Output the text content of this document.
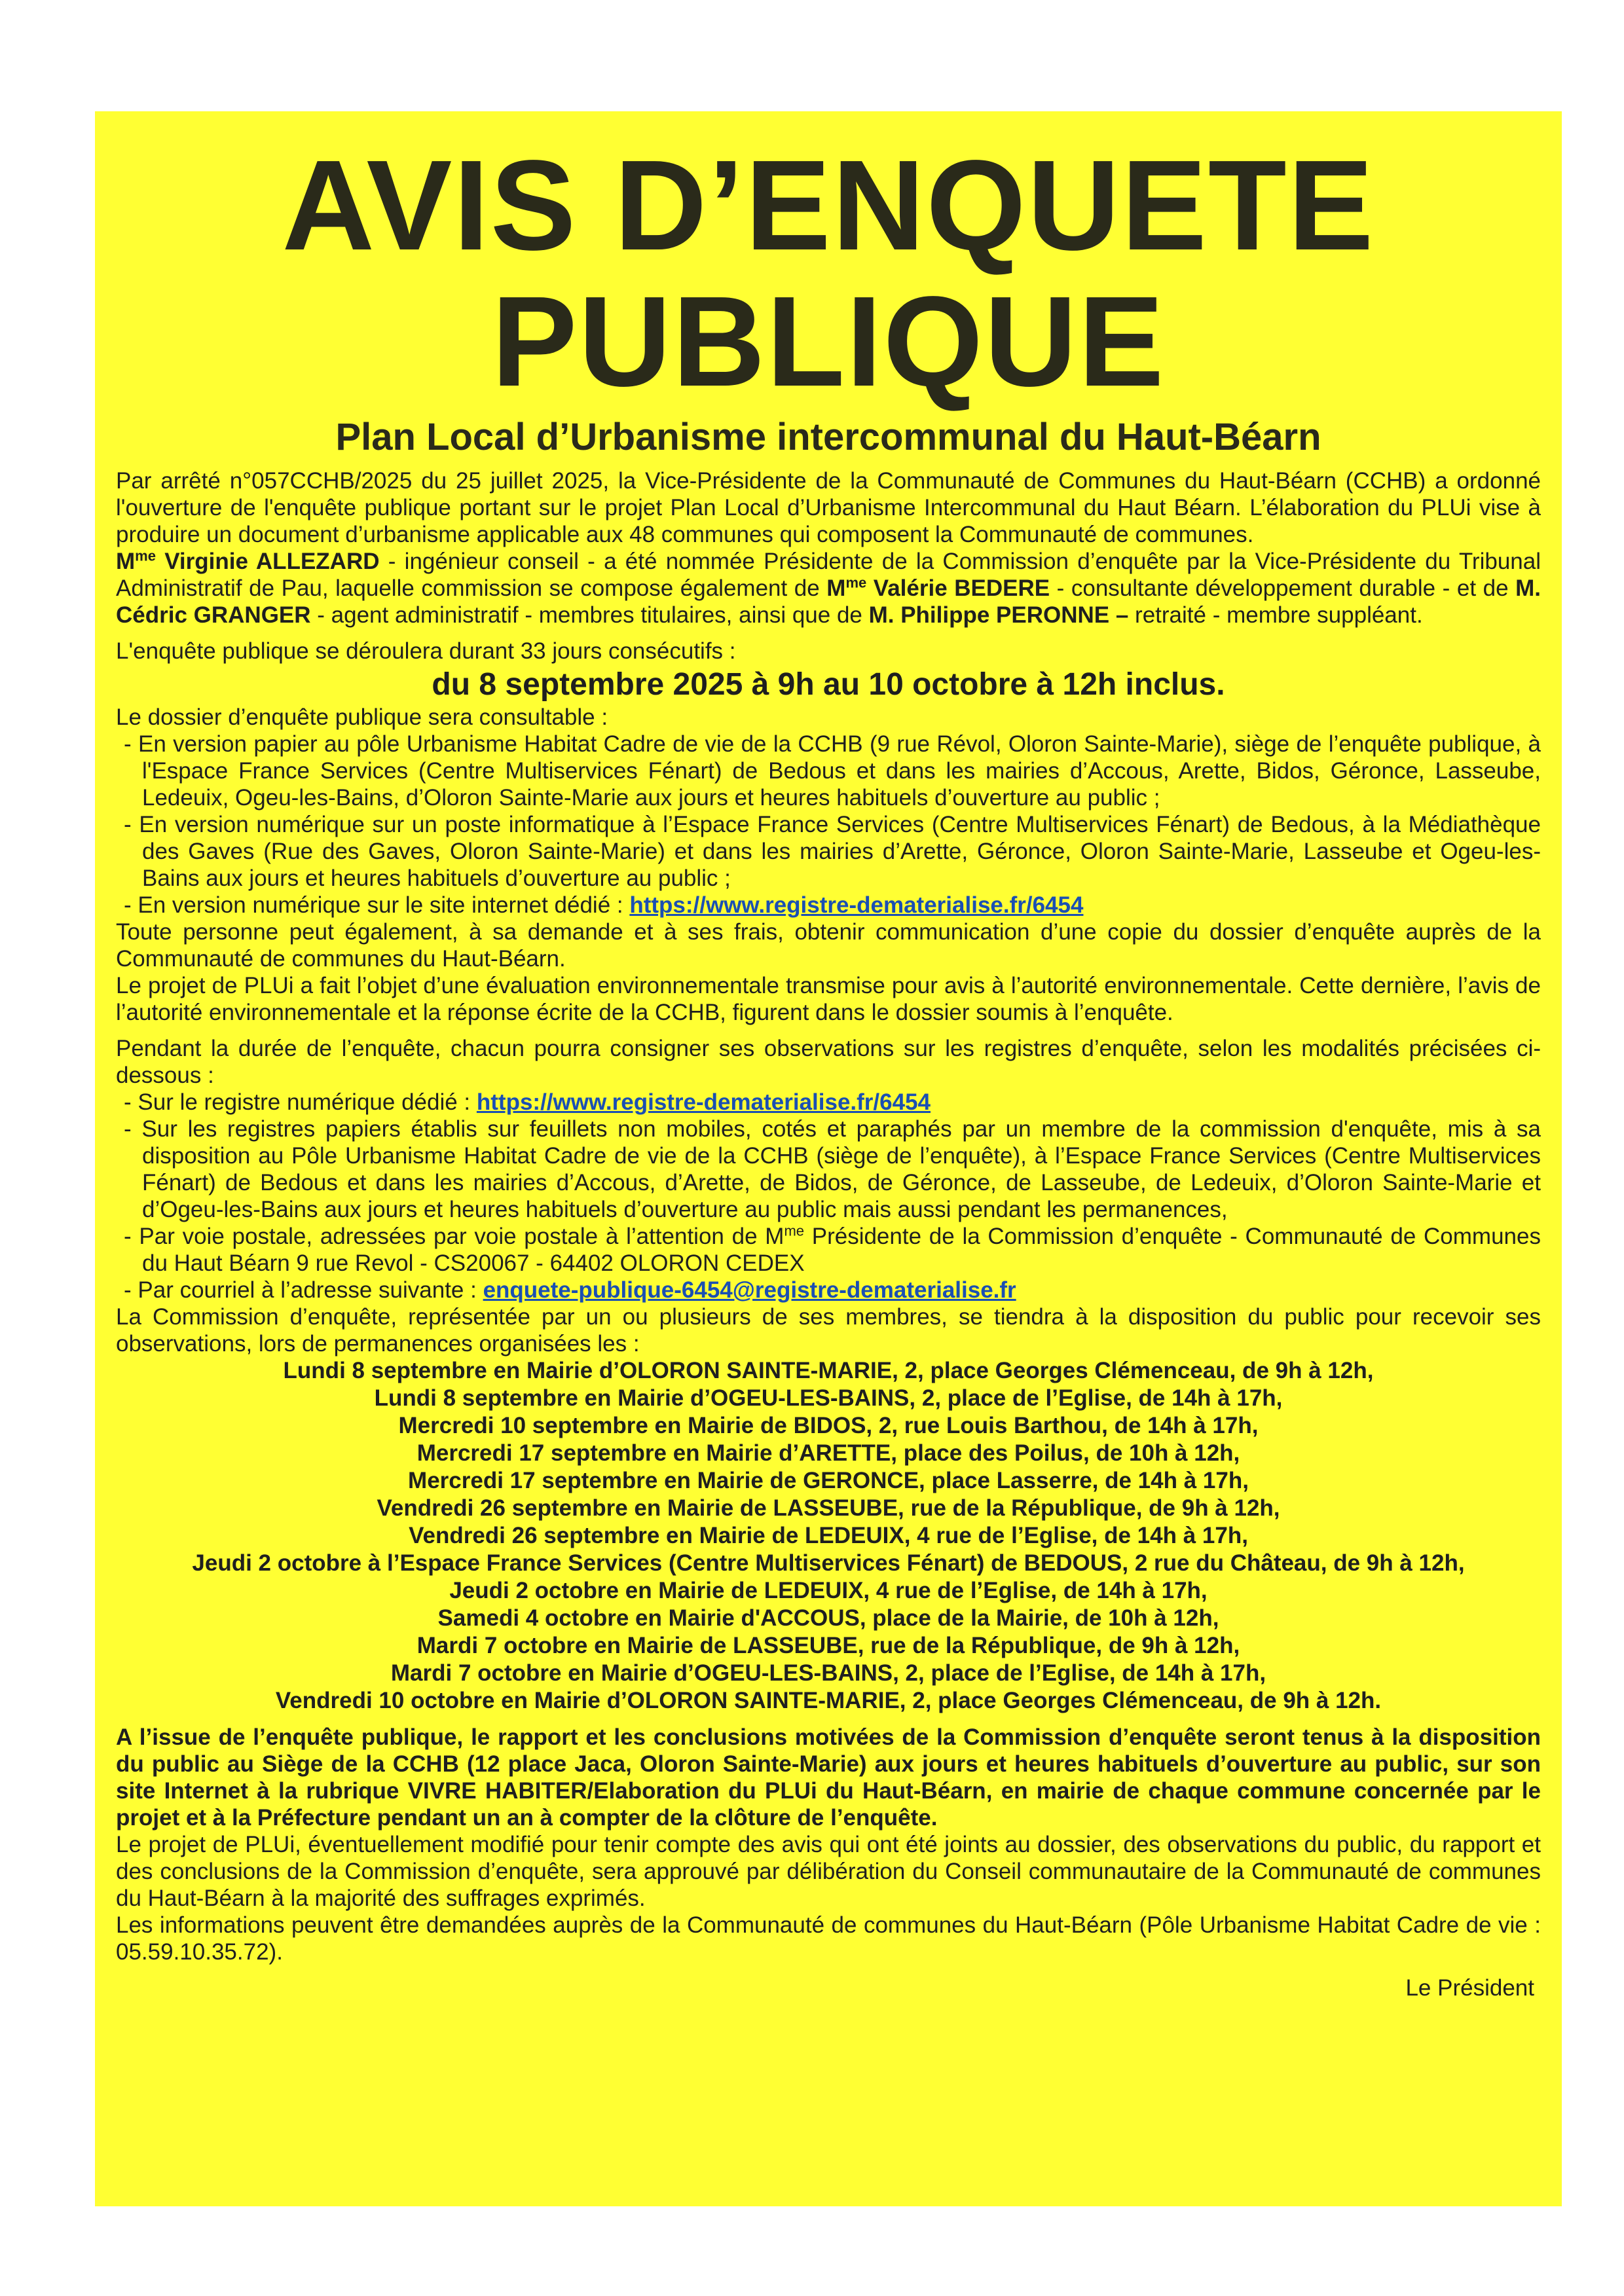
AVIS D’ENQUETE
PUBLIQUE
Plan Local d’Urbanisme intercommunal du Haut-Béarn

Par arrêté n°057CCHB/2025 du 25 juillet 2025, la Vice-Présidente de la Communauté de Communes du Haut-Béarn (CCHB) a ordonné l'ouverture de l'enquête publique portant sur le projet Plan Local d’Urbanisme Intercommunal du Haut Béarn. L’élaboration du PLUi vise à produire un document d’urbanisme applicable aux 48 communes qui composent la Communauté de communes.

$M^{me}$ Virginie ALLEZARD - ingénieur conseil - a été nommée Présidente de la Commission d’enquête par la Vice-Présidente du Tribunal Administratif de Pau, laquelle commission se compose également de $M^{me}$ Valérie BEDERE - consultante développement durable - et de M. Cédric GRANGER - agent administratif - membres titulaires, ainsi que de M. Philippe PERONNE – retraité - membre suppléant.

L'enquête publique se déroulera durant 33 jours consécutifs :

du 8 septembre 2025 à 9h au 10 octobre à 12h inclus.

Le dossier d’enquête publique sera consultable :

- En version papier au pôle Urbanisme Habitat Cadre de vie de la CCHB (9 rue Révol, Oloron Sainte-Marie), siège de l’enquête publique, à l'Espace France Services (Centre Multiservices Fénart) de Bedous et dans les mairies d’Accous, Arette, Bidos, Géronce, Lasseube, Ledeuix, Ogeu-les-Bains, d’Oloron Sainte-Marie aux jours et heures habituels d’ouverture au public ;

- En version numérique sur un poste informatique à l’Espace France Services (Centre Multiservices Fénart) de Bedous, à la Médiathèque des Gaves (Rue des Gaves, Oloron Sainte-Marie) et dans les mairies d’Arette, Géronce, Oloron Sainte-Marie, Lasseube et Ogeu-les-Bains aux jours et heures habituels d’ouverture au public ;

- En version numérique sur le site internet dédié : https://www.registre-dematerialise.fr/6454

Toute personne peut également, à sa demande et à ses frais, obtenir communication d’une copie du dossier d’enquête auprès de la Communauté de communes du Haut-Béarn.

Le projet de PLUi a fait l’objet d’une évaluation environnementale transmise pour avis à l’autorité environnementale. Cette dernière, l’avis de l’autorité environnementale et la réponse écrite de la CCHB, figurent dans le dossier soumis à l’enquête.

Pendant la durée de l’enquête, chacun pourra consigner ses observations sur les registres d’enquête, selon les modalités précisées ci-dessous :

- Sur le registre numérique dédié : https://www.registre-dematerialise.fr/6454

- Sur les registres papiers établis sur feuillets non mobiles, cotés et paraphés par un membre de la commission d'enquête, mis à sa disposition au Pôle Urbanisme Habitat Cadre de vie de la CCHB (siège de l’enquête), à l’Espace France Services (Centre Multiservices Fénart) de Bedous et dans les mairies d’Accous, d’Arette, de Bidos, de Géronce, de Lasseube, de Ledeuix, d’Oloron Sainte-Marie et d’Ogeu-les-Bains aux jours et heures habituels d’ouverture au public mais aussi pendant les permanences,

- Par voie postale, adressées par voie postale à l’attention de $M^{me}$ Présidente de la Commission d’enquête - Communauté de Communes du Haut Béarn 9 rue Revol - CS20067 - 64402 OLORON CEDEX

- Par courriel à l’adresse suivante : enquete-publique-6454@registre-dematerialise.fr

La Commission d’enquête, représentée par un ou plusieurs de ses membres, se tiendra à la disposition du public pour recevoir ses observations, lors de permanences organisées les :

Lundi 8 septembre en Mairie d’OLORON SAINTE-MARIE, 2, place Georges Clémenceau, de 9h à 12h,

Lundi 8 septembre en Mairie d’OGEU-LES-BAINS, 2, place de l’Eglise, de 14h à 17h,

Mercredi 10 septembre en Mairie de BIDOS, 2, rue Louis Barthou, de 14h à 17h,

Mercredi 17 septembre en Mairie d’ARETTE, place des Poilus, de 10h à 12h,

Mercredi 17 septembre en Mairie de GERONCE, place Lasserre, de 14h à 17h,

Vendredi 26 septembre en Mairie de LASSEUBE, rue de la République, de 9h à 12h,

Vendredi 26 septembre en Mairie de LEDEUIX, 4 rue de l’Eglise, de 14h à 17h,

Jeudi 2 octobre à l’Espace France Services (Centre Multiservices Fénart) de BEDOUS, 2 rue du Château, de 9h à 12h,

Jeudi 2 octobre en Mairie de LEDEUIX, 4 rue de l’Eglise, de 14h à 17h,

Samedi 4 octobre en Mairie d'ACCOUS, place de la Mairie, de 10h à 12h,

Mardi 7 octobre en Mairie de LASSEUBE, rue de la République, de 9h à 12h,

Mardi 7 octobre en Mairie d’OGEU-LES-BAINS, 2, place de l’Eglise, de 14h à 17h,

Vendredi 10 octobre en Mairie d’OLORON SAINTE-MARIE, 2, place Georges Clémenceau, de 9h à 12h.

A l’issue de l’enquête publique, le rapport et les conclusions motivées de la Commission d’enquête seront tenus à la disposition du public au Siège de la CCHB (12 place Jaca, Oloron Sainte-Marie) aux jours et heures habituels d’ouverture au public, sur son site Internet à la rubrique VIVRE HABITER/Elaboration du PLUi du Haut-Béarn, en mairie de chaque commune concernée par le projet et à la Préfecture pendant un an à compter de la clôture de l’enquête.

Le projet de PLUi, éventuellement modifié pour tenir compte des avis qui ont été joints au dossier, des observations du public, du rapport et des conclusions de la Commission d’enquête, sera approuvé par délibération du Conseil communautaire de la Communauté de communes du Haut-Béarn à la majorité des suffrages exprimés.

Les informations peuvent être demandées auprès de la Communauté de communes du Haut-Béarn (Pôle Urbanisme Habitat Cadre de vie : 05.59.10.35.72).

Le Président
